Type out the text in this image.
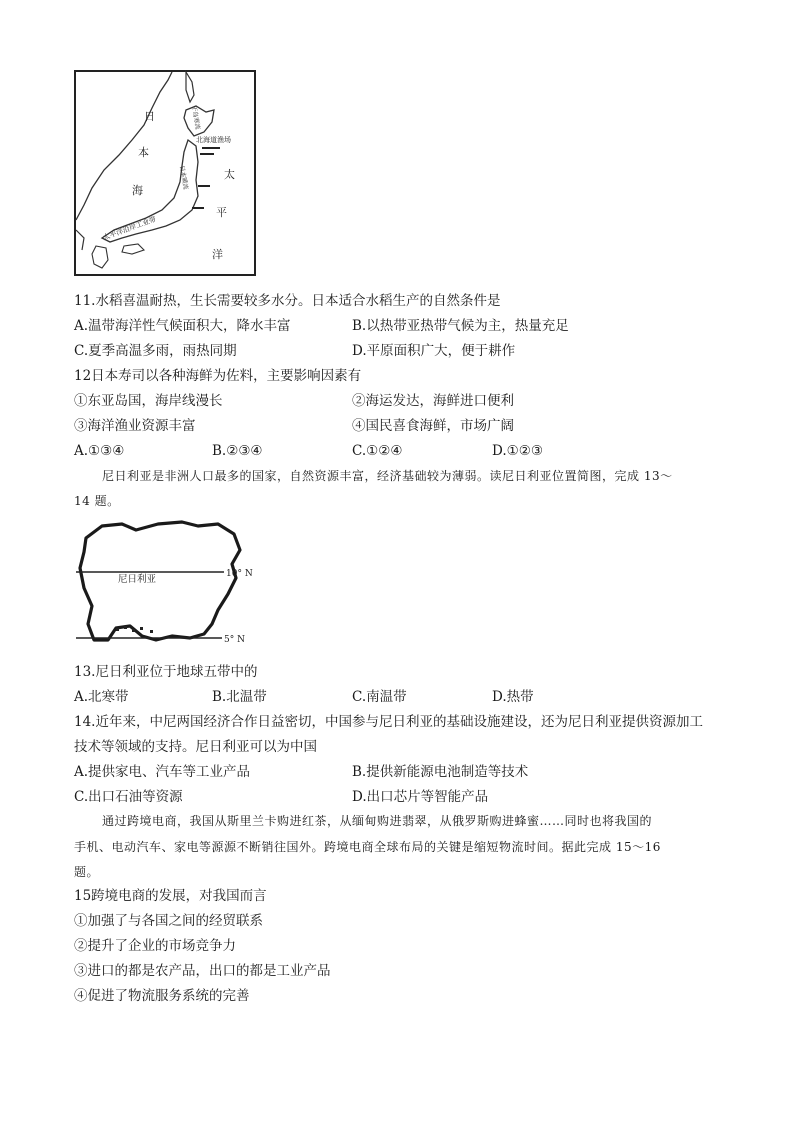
日
本
海
太
平
洋
北海道渔场
干岛寒流
日本暖流
太平洋沿岸工业带
11.水稻喜温耐热，生长需要较多水分。日本适合水稻生产的自然条件是
A.温带海洋性气候面积大，降水丰富	B.以热带亚热带气候为主，热量充足
C.夏季高温多雨，雨热同期	D.平原面积广大，便于耕作
12日本寿司以各种海鲜为佐料，主要影响因素有
①东亚岛国，海岸线漫长	②海运发达，海鲜进口便利
③海洋渔业资源丰富	④国民喜食海鲜，市场广阔
A.①③④	B.②③④	C.①②④	D.①②③
尼日利亚是非洲人口最多的国家，自然资源丰富，经济基础较为薄弱。读尼日利亚位置简图，完成 13～
14 题。
尼日利亚	10° N
5° N
13.尼日利亚位于地球五带中的
A.北寒带	B.北温带	C.南温带	D.热带
14.近年来，中尼两国经济合作日益密切，中国参与尼日利亚的基础设施建设，还为尼日利亚提供资源加工
技术等领域的支持。尼日利亚可以为中国
A.提供家电、汽车等工业产品	B.提供新能源电池制造等技术
C.出口石油等资源	D.出口芯片等智能产品
通过跨境电商，我国从斯里兰卡购进红茶，从缅甸购进翡翠，从俄罗斯购进蜂蜜……同时也将我国的
手机、电动汽车、家电等源源不断销往国外。跨境电商全球布局的关键是缩短物流时间。据此完成 15～16
题。
15跨境电商的发展，对我国而言
①加强了与各国之间的经贸联系
②提升了企业的市场竞争力
③进口的都是农产品，出口的都是工业产品
④促进了物流服务系统的完善
